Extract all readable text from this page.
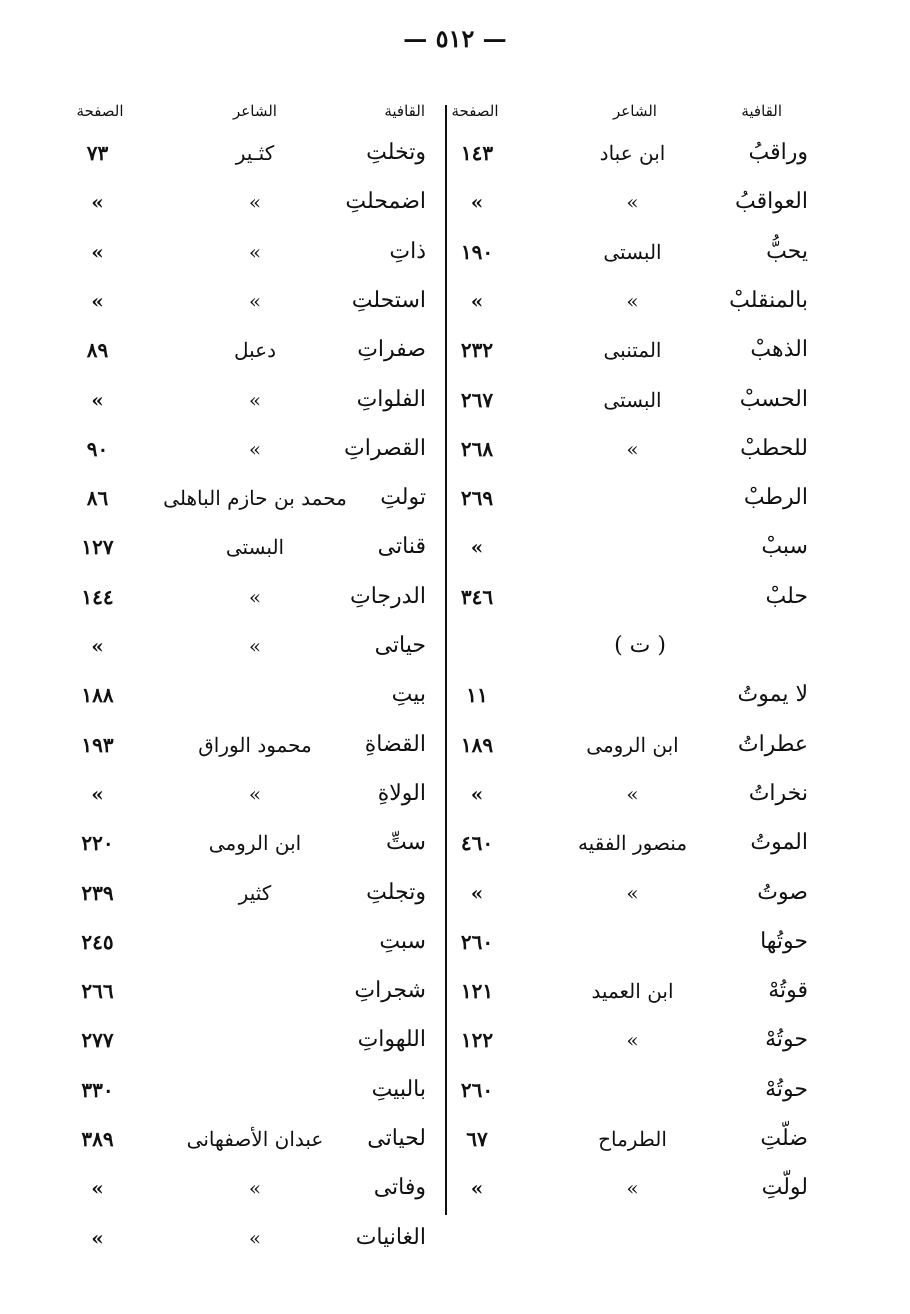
— ٥١٢ —
القافية
الشاعر
الصفحة
القافية
الشاعر
الصفحة
وراقبُ
ابن عباد
١٤٣
العواقبُ
»
»
يحبُّ
البستى
١٩٠
بالمنقلبْ
»
»
الذهبْ
المتنبى
٢٣٢
الحسبْ
البستى
٢٦٧
للحطبْ
»
٢٦٨
الرطبْ
٢٦٩
سببْ
»
حلبْ
٣٤٦
( ت )
لا يموتُ
١١
عطراتُ
ابن الرومى
١٨٩
نخراتُ
»
»
الموتُ
منصور الفقيه
٤٦٠
صوتُ
»
»
حوتُها
٢٦٠
قوتُهْ
ابن العميد
١٢١
حوتُهْ
»
١٢٢
حوتُهْ
٢٦٠
ضلّتِ
الطرماح
٦٧
لولّتِ
»
»
وتخلتِ
كثـير
٧٣
اضمحلتِ
»
»
ذاتِ
»
»
استحلتِ
»
»
صفراتِ
دعبل
٨٩
الفلواتِ
»
»
القصراتِ
»
٩٠
تولتِ
محمد بن حازم الباهلى
٨٦
قناتى
البستى
١٢٧
الدرجاتِ
»
١٤٤
حياتى
»
»
بيتِ
١٨٨
القضاةِ
محمود الوراق
١٩٣
الولاةِ
»
»
ستِّ
ابن الرومى
٢٢٠
وتجلتِ
كثير
٢٣٩
سبتِ
٢٤٥
شجراتِ
٢٦٦
اللهواتِ
٢٧٧
بالبيتِ
٣٣٠
لحياتى
عبدان الأصفهانى
٣٨٩
وفاتى
»
»
الغانيات
»
»
